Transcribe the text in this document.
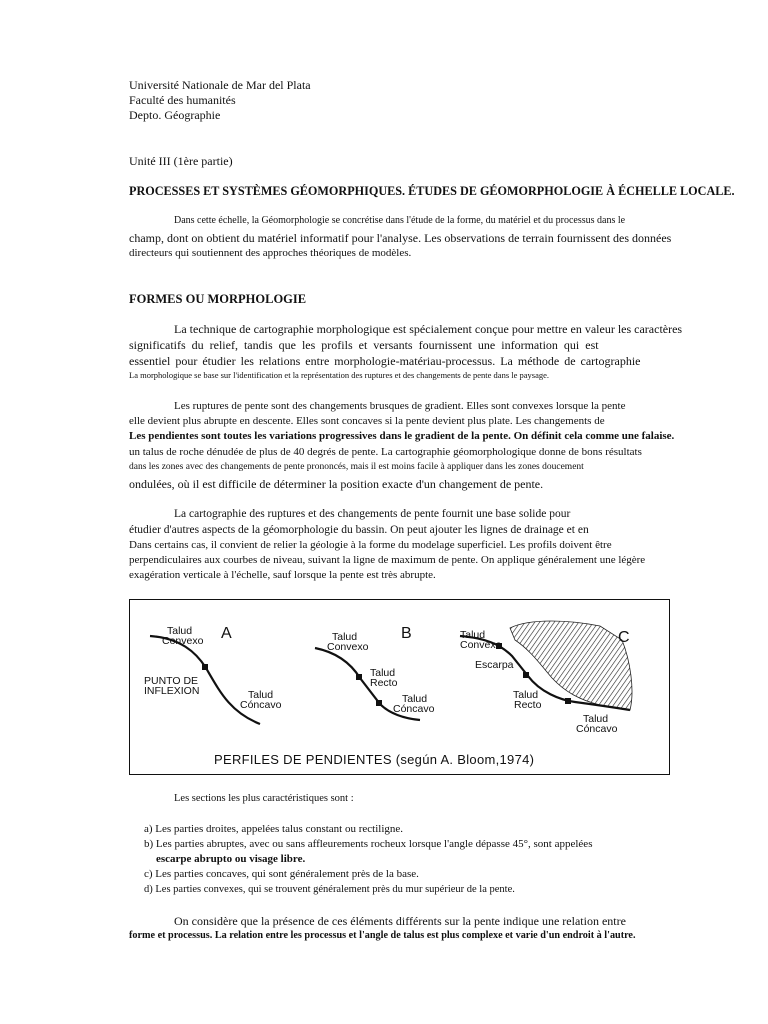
Université Nationale de Mar del Plata
Faculté des humanités
Depto. Géographie
Unité III (1ère partie)
PROCESSES ET SYSTÈMES GÉOMORPHIQUES. ÉTUDES DE GÉOMORPHOLOGIE À ÉCHELLE LOCALE.
Dans cette échelle, la Géomorphologie se concrétise dans l'étude de la forme, du matériel et du processus dans le
champ, dont on obtient du matériel informatif pour l'analyse. Les observations de terrain fournissent des données
directeurs qui soutiennent des approches théoriques de modèles.
FORMES OU MORPHOLOGIE
La technique de cartographie morphologique est spécialement conçue pour mettre en valeur les caractères
significatifs du relief, tandis que les profils et versants fournissent une information qui est
essentiel pour étudier les relations entre morphologie-matériau-processus. La méthode de cartographie
La morphologique se base sur l'identification et la représentation des ruptures et des changements de pente dans le paysage.
Les ruptures de pente sont des changements brusques de gradient. Elles sont convexes lorsque la pente
elle devient plus abrupte en descente. Elles sont concaves si la pente devient plus plate. Les changements de
Les pendientes sont toutes les variations progressives dans le gradient de la pente. On définit cela comme une falaise.
un talus de roche dénudée de plus de 40 degrés de pente. La cartographie géomorphologique donne de bons résultats
dans les zones avec des changements de pente prononcés, mais il est moins facile à appliquer dans les zones doucement
ondulées, où il est difficile de déterminer la position exacte d'un changement de pente.
La cartographie des ruptures et des changements de pente fournit une base solide pour
étudier d'autres aspects de la géomorphologie du bassin. On peut ajouter les lignes de drainage et en
Dans certains cas, il convient de relier la géologie à la forme du modelage superficiel. Les profils doivent être
perpendiculaires aux courbes de niveau, suivant la ligne de maximum de pente. On applique généralement une légère
exagération verticale à l'échelle, sauf lorsque la pente est très abrupte.
Talud
Convexo A
PUNTO DE
INFLEXION	Talud
Cóncavo
Talud
Convexo
B
Talud
Recto
Talud
Cóncavo
Talud
Convexo	C
Escarpa
Talud
Recto
Talud
Cóncavo
PERFILES DE PENDIENTES (según A. Bloom,1974)
Les sections les plus caractéristiques sont :
a) Les parties droites, appelées talus constant ou rectiligne.
b) Les parties abruptes, avec ou sans affleurements rocheux lorsque l'angle dépasse 45°, sont appelées
escarpe abrupto ou visage libre.
c) Les parties concaves, qui sont généralement près de la base.
d) Les parties convexes, qui se trouvent généralement près du mur supérieur de la pente.
On considère que la présence de ces éléments différents sur la pente indique une relation entre
forme et processus. La relation entre les processus et l'angle de talus est plus complexe et varie d'un endroit à l'autre.
